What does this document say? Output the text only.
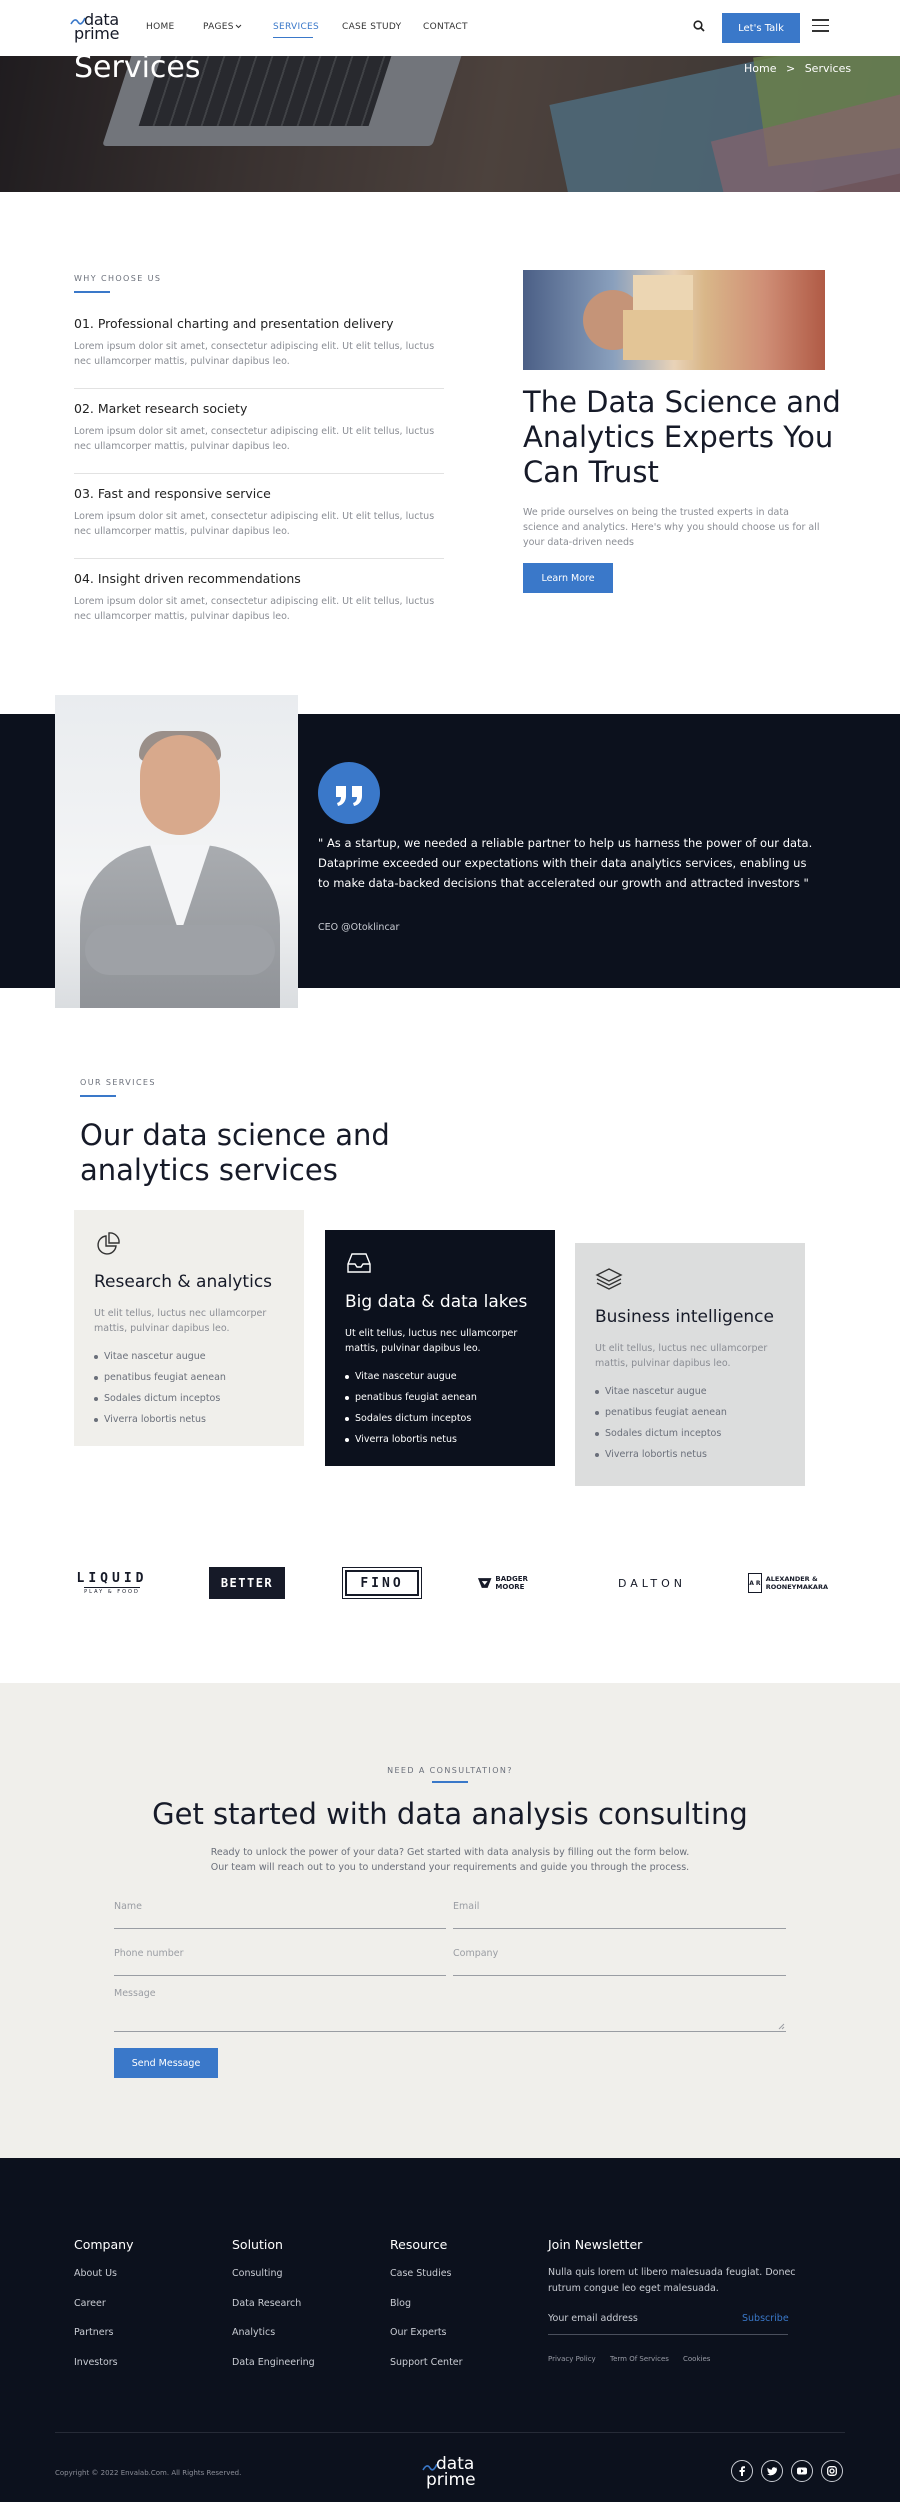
data
prime	HOME	PAGES	SERVICES	CASE STUDY CONTACT	Let's Talk
Services	Home > Services
WHY CHOOSE US
01. Professional charting and presentation delivery

Lorem ipsum dolor sit amet, consectetur adipiscing elit. Ut elit tellus, luctus nec ullamcorper mattis, pulvinar dapibus leo.

02. Market research society

Lorem ipsum dolor sit amet, consectetur adipiscing elit. Ut elit tellus, luctus nec ullamcorper mattis, pulvinar dapibus leo.

03. Fast and responsive service

Lorem ipsum dolor sit amet, consectetur adipiscing elit. Ut elit tellus, luctus nec ullamcorper mattis, pulvinar dapibus leo.

04. Insight driven recommendations

Lorem ipsum dolor sit amet, consectetur adipiscing elit. Ut elit tellus, luctus nec ullamcorper mattis, pulvinar dapibus leo.

The Data Science and Analytics Experts You Can Trust

We pride ourselves on being the trusted experts in data science and analytics. Here's why you should choose us for all your data-driven needs

Learn More
" As a startup, we needed a reliable partner to help us harness the power of our data. Dataprime exceeded our expectations with their data analytics services, enabling us to make data-backed decisions that accelerated our growth and attracted investors "
CEO @Otoklincar
OUR SERVICES
Our data science and analytics services
Research & analytics

Ut elit tellus, luctus nec ullamcorper mattis, pulvinar dapibus leo.

Vitae nascetur augue
penatibus feugiat aenean
Sodales dictum inceptos
Viverra lobortis netus
Big data & data lakes

Ut elit tellus, luctus nec ullamcorper mattis, pulvinar dapibus leo.

Vitae nascetur augue
penatibus feugiat aenean
Sodales dictum inceptos
Viverra lobortis netus
Business intelligence

Ut elit tellus, luctus nec ullamcorper mattis, pulvinar dapibus leo.

Vitae nascetur augue
penatibus feugiat aenean
Sodales dictum inceptos
Viverra lobortis netus
LIQUID
PLAY & FOOD
BETTER	FINO	BADGER MOORE	DALTON	A R ALEXANDER &
ROONEYMAKARA
NEED A CONSULTATION?
Get started with data analysis consulting
Ready to unlock the power of your data? Get started with data analysis by filling out the form below.
Our team will reach out to you to understand your requirements and guide you through the process.
Name	Email
Phone number	Company
Message
Send Message
Company
About Us
Career
Partners
Investors
Solution
Consulting
Data Research
Analytics
Data Engineering
Resource
Case Studies
Blog
Our Experts
Support Center
Join Newsletter
Nulla quis lorem ut libero malesuada feugiat. Donec rutrum congue leo eget malesuada.
Your email address	Subscribe
Privacy Policy Term Of Services Cookies
Copyright © 2022 Envalab.Com. All Rights Reserved.	data
prime
